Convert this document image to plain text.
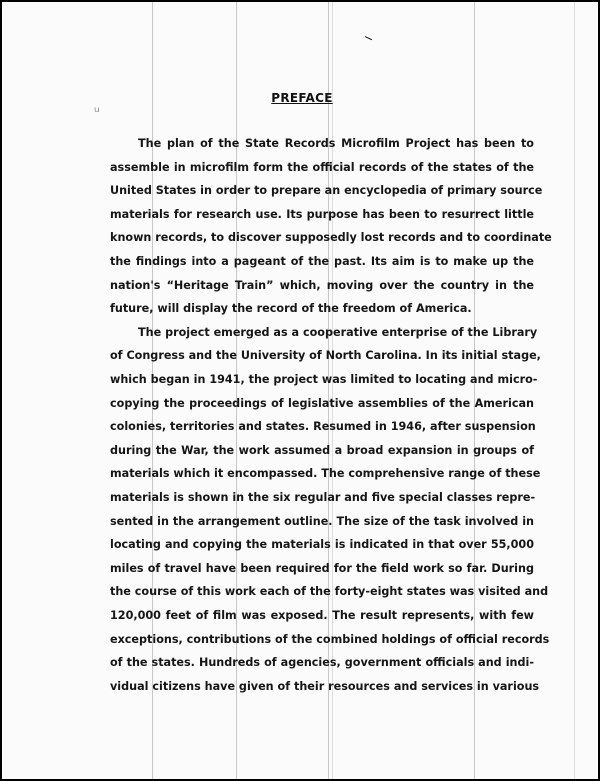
‒
ᵤ
PREFACE
The plan of the State Records Microfilm Project has been to
assemble in microfilm form the official records of the states of the
United States in order to prepare an encyclopedia of primary source
materials for research use. Its purpose has been to resurrect little
known records, to discover supposedly lost records and to coordinate
the findings into a pageant of the past. Its aim is to make up the
nation's “Heritage Train” which, moving over the country in the
future, will display the record of the freedom of America.
The project emerged as a cooperative enterprise of the Library
of Congress and the University of North Carolina. In its initial stage,
which began in 1941, the project was limited to locating and micro-
copying the proceedings of legislative assemblies of the American
colonies, territories and states. Resumed in 1946, after suspension
during the War, the work assumed a broad expansion in groups of
materials which it encompassed. The comprehensive range of these
materials is shown in the six regular and five special classes repre-
sented in the arrangement outline. The size of the task involved in
locating and copying the materials is indicated in that over 55,000
miles of travel have been required for the field work so far. During
the course of this work each of the forty-eight states was visited and
120,000 feet of film was exposed. The result represents, with few
exceptions, contributions of the combined holdings of official records
of the states. Hundreds of agencies, government officials and indi-
vidual citizens have given of their resources and services in various
